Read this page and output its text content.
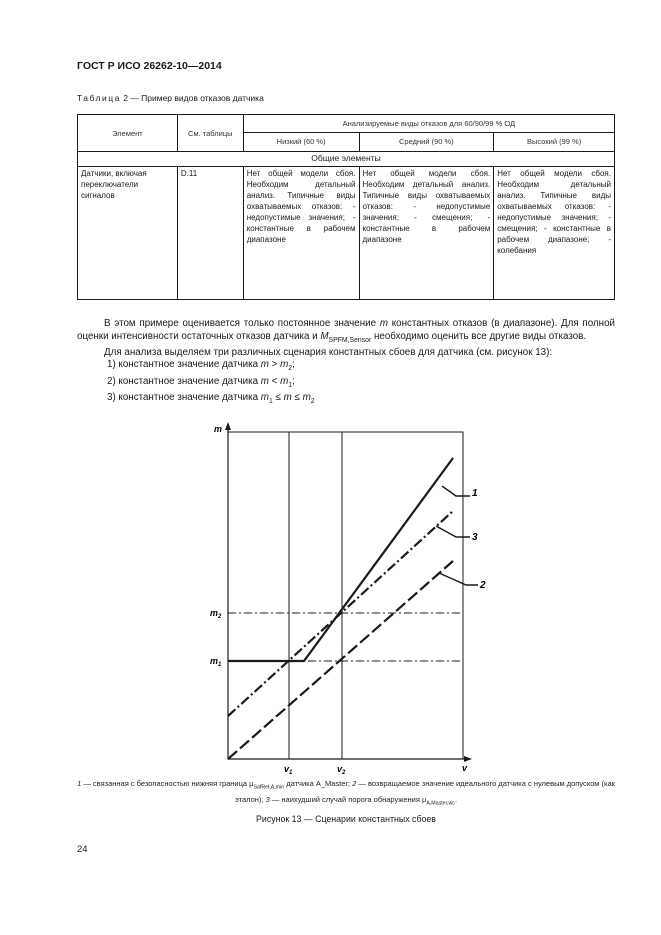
ГОСТ Р ИСО 26262-10—2014
Таблица 2 — Пример видов отказов датчика
Элемент	См. таблицы	Анализируемые виды отказов для 60/90/99 % ОД		
		Низкий (60 %)	Средний (90 %)	Высокий (99 %)
Общие элементы				
Датчики, включая переключатели сигналов	D.11	Нет общей модели сбоя. Необходим детальный анализ. Типичные виды охватываемых отказов: - недопустимые значения; - константные в рабочем диапазоне	Нет общей модели сбоя. Необходим детальный анализ. Типичные виды охватываемых отказов: - недопустимые значения; - смещения; - константные в рабочем диапазоне	Нет общей модели сбоя. Необходим детальный анализ. Типичные виды охватываемых отказов: - недопустимые значения; - смещения; - константные в рабочем диапазоне; - колебания

В этом примере оценивается только постоянное значение m константных отказов (в диапазоне). Для полной оценки интенсивности остаточных отказов датчика и $M_{SPFM,Sensor}$ необходимо оценить все другие виды отказов.

Для анализа выделяем три различных сценария константных сбоев для датчика (см. рисунок 13):

1) константное значение датчика $m > m_2$;

2) константное значение датчика $m < m_1$;

3) константное значение датчика $m_1 \le m \le m_2$

m
v
$m_2$
$m_1$
$v_1$	$v_2$
1
3
2
1 — связанная с безопасностью нижняя граница $\mu_{SafRel,A,min}$ датчика A_Master; 2 — возвращаемое значение идеального датчика с нулевым допуском (как эталон); 3 — наихудший случай порога обнаружения $\mu_{A,Master,wc}$.
Рисунок 13 — Сценарии константных сбоев
24
